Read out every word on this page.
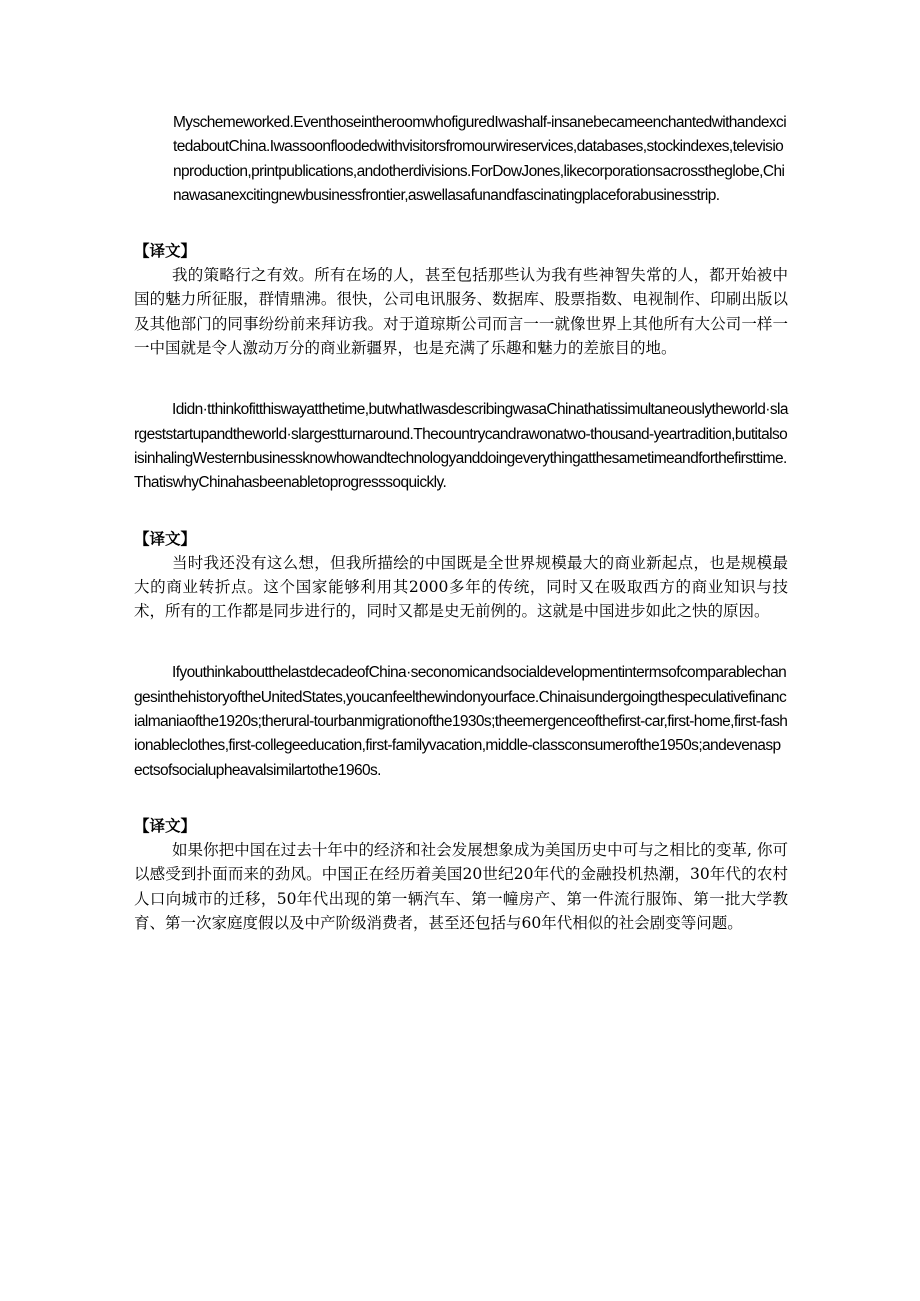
Myschemeworked.EventhoseintheroomwhofiguredIwashalf-insanebecameenchantedwithandexcitedaboutChina.Iwassoonfloodedwithvisitorsfromourwireservices,databases,stockindexes,televisionproduction,printpublications,andotherdivisions.ForDowJones,likecorporationsacrosstheglobe,Chinawasanexcitingnewbusinessfrontier,aswellasafunandfascinatingplaceforabusinesstrip.

【译文】

我的策略行之有效。所有在场的人，甚至包括那些认为我有些神智失常的人，都开始被中国的魅力所征服，群情鼎沸。很快，公司电讯服务、数据库、股票指数、电视制作、印刷出版以及其他部门的同事纷纷前来拜访我。对于道琼斯公司而言一一就像世界上其他所有大公司一样一一中国就是令人激动万分的商业新疆界，也是充满了乐趣和魅力的差旅目的地。

Ididn·tthinkofitthiswayatthetime,butwhatIwasdescribingwasaChinathatissimultaneouslytheworld·slargeststartupandtheworld·slargestturnaround.Thecountrycandrawonatwo-thousand-yeartradition,butitalsoisinhalingWesternbusinessknowhowandtechnologyanddoingeverythingatthesametimeandforthefirsttime.ThatiswhyChinahasbeenabletoprogresssoquickly.

【译文】

当时我还没有这么想，但我所描绘的中国既是全世界规模最大的商业新起点，也是规模最大的商业转折点。这个国家能够利用其2000多年的传统，同时又在吸取西方的商业知识与技术，所有的工作都是同步进行的，同时又都是史无前例的。这就是中国进步如此之快的原因。

IfyouthinkaboutthelastdecadeofChina·seconomicandsocialdevelopmentintermsofcomparablechangesinthehistoryoftheUnitedStates,youcanfeelthewindonyourface.Chinaisundergoingthespeculativefinancialmaniaofthe1920s;therural-tourbanmigrationofthe1930s;theemergenceofthefirst-car,first-home,first-fashionableclothes,first-collegeeducation,first-familyvacation,middle-classconsumerofthe1950s;andevenaspectsofsocialupheavalsimilartothe1960s.

【译文】

如果你把中国在过去十年中的经济和社会发展想象成为美国历史中可与之相比的变革, 你可以感受到扑面而来的劲风。中国正在经历着美国20世纪20年代的金融投机热潮，30年代的农村人口向城市的迁移，50年代出现的第一辆汽车、第一幢房产、第一件流行服饰、第一批大学教育、第一次家庭度假以及中产阶级消费者，甚至还包括与60年代相似的社会剧变等问题。
